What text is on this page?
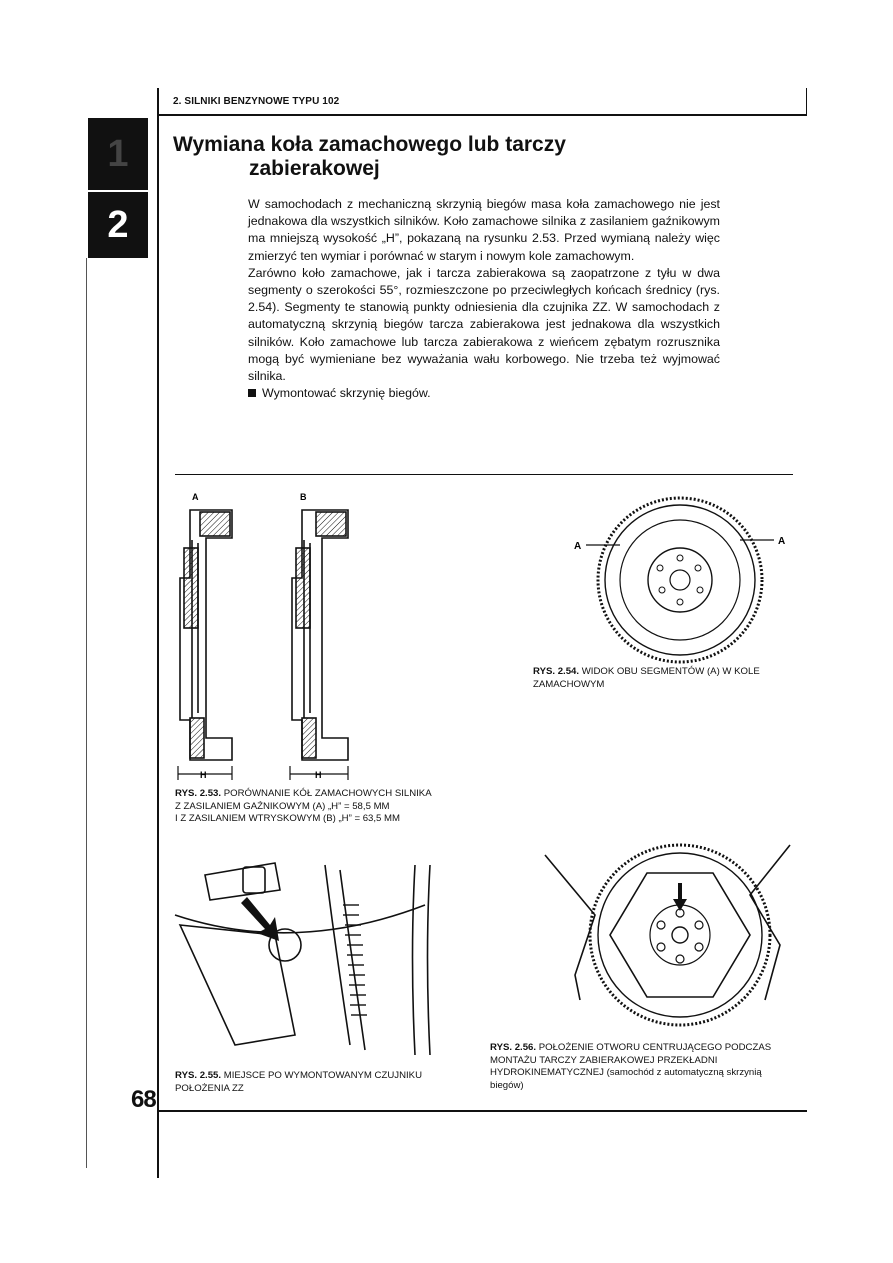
2. SILNIKI BENZYNOWE TYPU 102
1
2
Wymiana koła zamachowego lub tarczy
zabierakowej

W samochodach z mechaniczną skrzynią biegów masa koła zamachowego nie jest jednakowa dla wszystkich silników. Koło zamachowe silnika z zasilaniem gaźnikowym ma mniejszą wysokość „H”, pokazaną na rysunku 2.53. Przed wymianą należy więc zmierzyć ten wymiar i porównać w starym i nowym kole zamachowym.

Zarówno koło zamachowe, jak i tarcza zabierakowa są zaopatrzone z tyłu w dwa segmenty o szerokości 55°, rozmieszczone po przeciwległych końcach średnicy (rys. 2.54). Segmenty te stanowią punkty odniesienia dla czujnika ZZ. W samochodach z automatyczną skrzynią biegów tarcza zabierakowa jest jednakowa dla wszystkich silników. Koło zamachowe lub tarcza zabierakowa z wieńcem zębatym rozrusznika mogą być wymieniane bez wyważania wału korbowego. Nie trzeba też wyjmować silnika.

Wymontować skrzynię biegów.

A	B
H	H
RYS. 2.53. PORÓWNANIE KÓŁ ZAMACHOWYCH SILNIKA
Z ZASILANIEM GAŹNIKOWYM (A) „H” = 58,5 MM
I Z ZASILANIEM WTRYSKOWYM (B) „H” = 63,5 MM
A	A
RYS. 2.54. WIDOK OBU SEGMENTÓW (A) W KOLE
ZAMACHOWYM
RYS. 2.55. MIEJSCE PO WYMONTOWANYM CZUJNIKU
POŁOŻENIA ZZ
RYS. 2.56. POŁOŻENIE OTWORU CENTRUJĄCEGO PODCZAS
MONTAŻU TARCZY ZABIERAKOWEJ PRZEKŁADNI
HYDROKINEMATYCZNEJ (samochód z automatyczną skrzynią
biegów)
68
